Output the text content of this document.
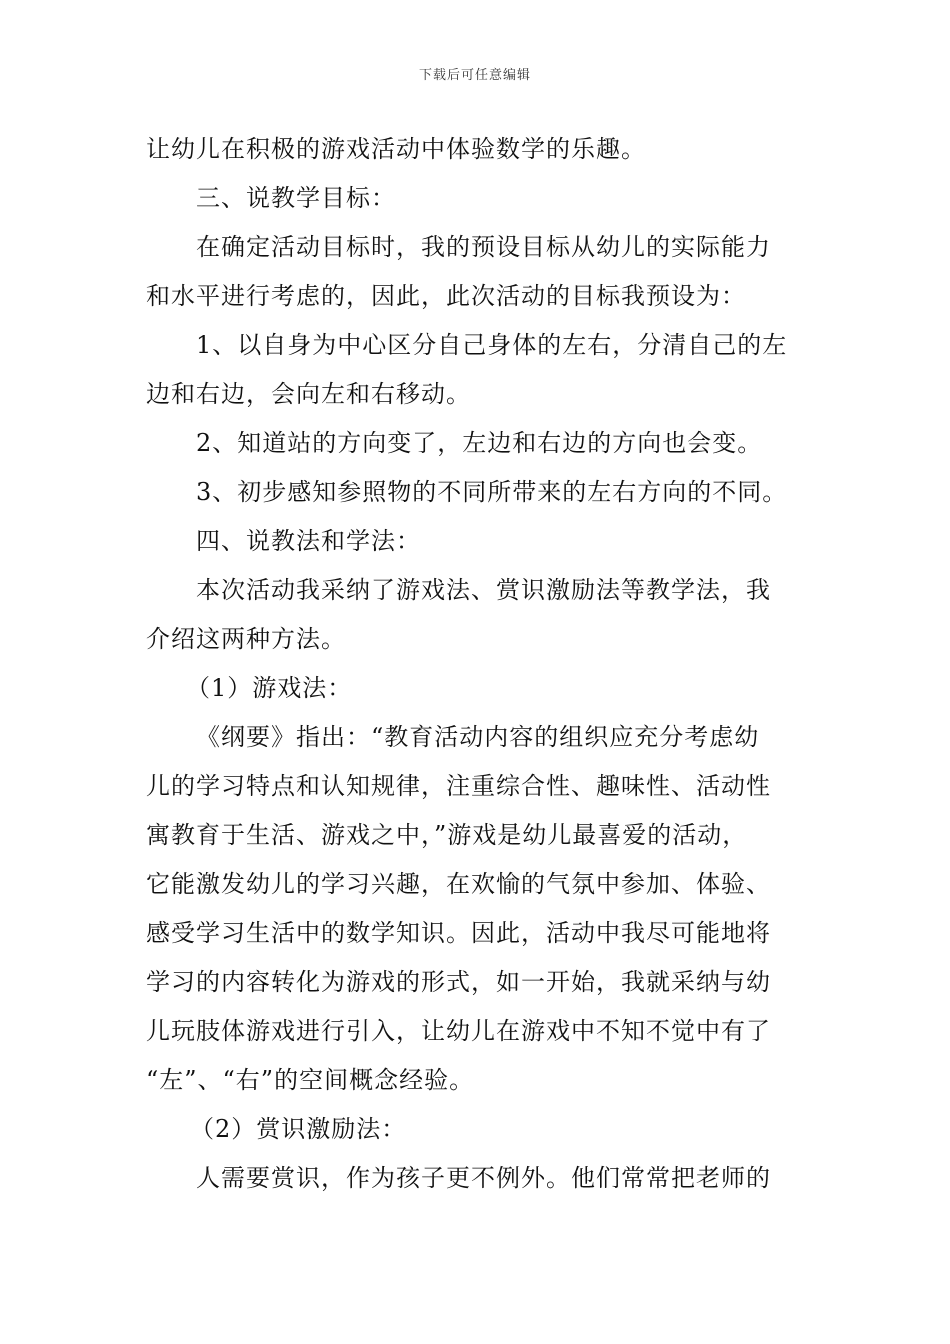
下载后可任意编辑
让幼儿在积极的游戏活动中体验数学的乐趣。
三、说教学目标：
在确定活动目标时，我的预设目标从幼儿的实际能力
和水平进行考虑的，因此，此次活动的目标我预设为：
1、以自身为中心区分自己身体的左右，分清自己的左
边和右边，会向左和右移动。
2、知道站的方向变了，左边和右边的方向也会变。
3、初步感知参照物的不同所带来的左右方向的不同。
四、说教法和学法：
本次活动我采纳了游戏法、赏识激励法等教学法，我
介绍这两种方法。
（1）游戏法：
《纲要》指出：“教育活动内容的组织应充分考虑幼
儿的学习特点和认知规律，注重综合性、趣味性、活动性
寓教育于生活、游戏之中，”游戏是幼儿最喜爱的活动，
它能激发幼儿的学习兴趣，在欢愉的气氛中参加、体验、
感受学习生活中的数学知识。因此，活动中我尽可能地将
学习的内容转化为游戏的形式，如一开始，我就采纳与幼
儿玩肢体游戏进行引入，让幼儿在游戏中不知不觉中有了
“左”、“右”的空间概念经验。
（2）赏识激励法：
人需要赏识，作为孩子更不例外。他们常常把老师的
